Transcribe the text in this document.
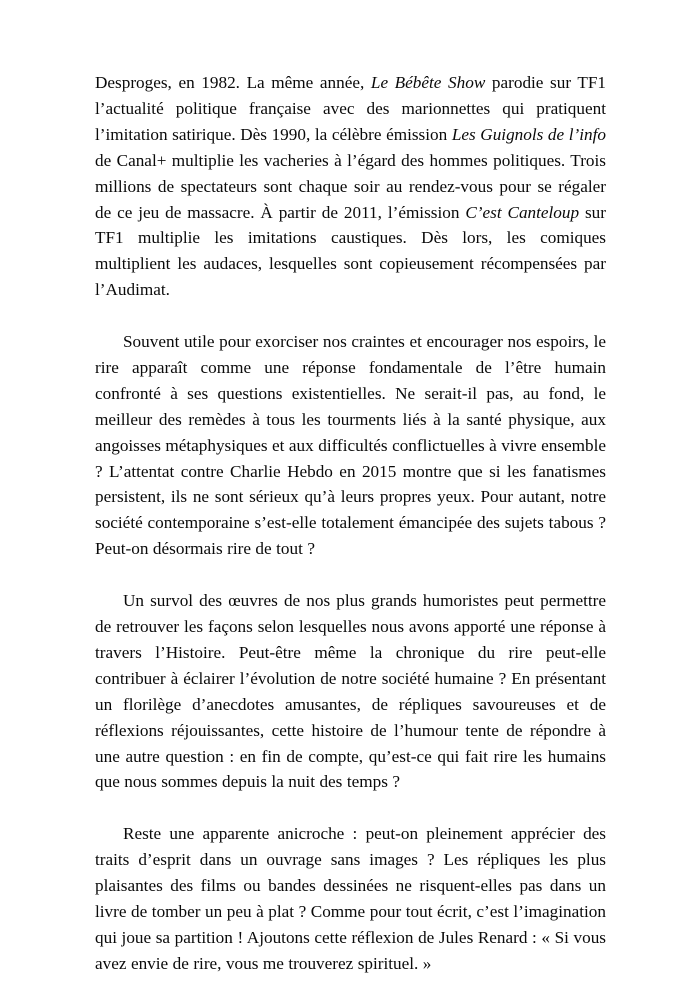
Desproges, en 1982. La même année, Le Bébête Show parodie sur TF1 l’actualité politique française avec des marionnettes qui pratiquent l’imitation satirique. Dès 1990, la célèbre émission Les Guignols de l’info de Canal+ multiplie les vacheries à l’égard des hommes politiques. Trois millions de spectateurs sont chaque soir au rendez-vous pour se régaler de ce jeu de massacre. À partir de 2011, l’émission C’est Canteloup sur TF1 multiplie les imitations caustiques. Dès lors, les comiques multiplient les audaces, lesquelles sont copieusement récompensées par l’Audimat.

Souvent utile pour exorciser nos craintes et encourager nos espoirs, le rire apparaît comme une réponse fondamentale de l’être humain confronté à ses questions existentielles. Ne serait-il pas, au fond, le meilleur des remèdes à tous les tourments liés à la santé physique, aux angoisses métaphysiques et aux difficultés conflictuelles à vivre ensemble ? L’attentat contre Charlie Hebdo en 2015 montre que si les fanatismes persistent, ils ne sont sérieux qu’à leurs propres yeux. Pour autant, notre société contemporaine s’est-elle totalement émancipée des sujets tabous ? Peut-on désormais rire de tout ?

Un survol des œuvres de nos plus grands humoristes peut permettre de retrouver les façons selon lesquelles nous avons apporté une réponse à travers l’Histoire. Peut-être même la chronique du rire peut-elle contribuer à éclairer l’évolution de notre société humaine ? En présentant un florilège d’anecdotes amusantes, de répliques savoureuses et de réflexions réjouissantes, cette histoire de l’humour tente de répondre à une autre question : en fin de compte, qu’est-ce qui fait rire les humains que nous sommes depuis la nuit des temps ?

Reste une apparente anicroche : peut-on pleinement apprécier des traits d’esprit dans un ouvrage sans images ? Les répliques les plus plaisantes des films ou bandes dessinées ne risquent-elles pas dans un livre de tomber un peu à plat ? Comme pour tout écrit, c’est l’imagination qui joue sa partition ! Ajoutons cette réflexion de Jules Renard : « Si vous avez envie de rire, vous me trouverez spirituel. »
